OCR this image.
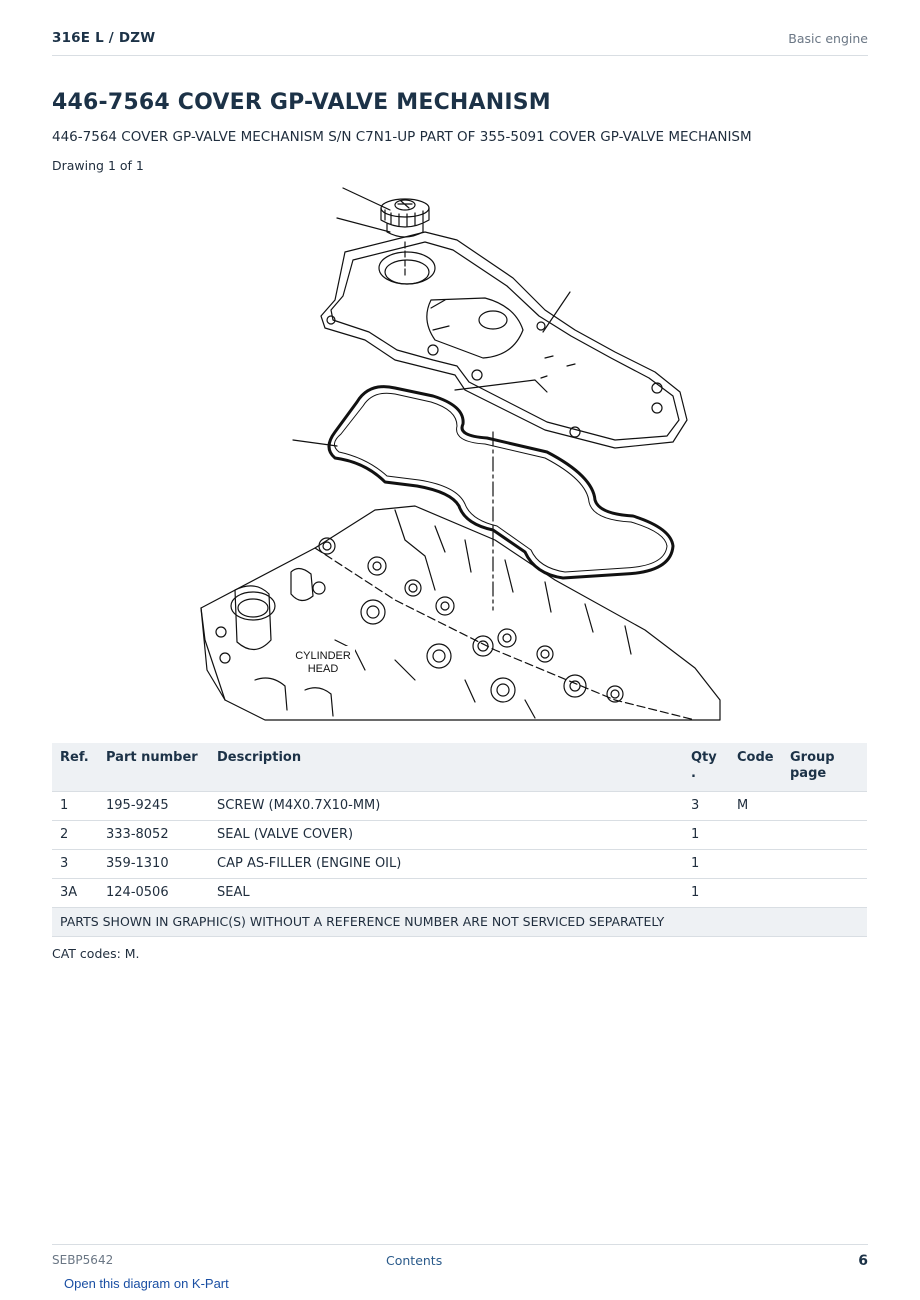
316E L / DZW	Basic engine
446-7564 COVER GP-VALVE MECHANISM
446-7564 COVER GP-VALVE MECHANISM S/N C7N1-UP PART OF 355-5091 COVER GP-VALVE MECHANISM
Drawing 1 of 1
CYLINDER
HEAD
Ref.	Part number	Description	Qty .	Code	Group page
1	195-9245	SCREW (M4X0.7X10-MM)	3	M	
2	333-8052	SEAL (VALVE COVER)	1		
3	359-1310	CAP AS-FILLER (ENGINE OIL)	1		
3A	124-0506	SEAL	1		
PARTS SHOWN IN GRAPHIC(S) WITHOUT A REFERENCE NUMBER ARE NOT SERVICED SEPARATELY					
CAT codes: M.
SEBP5642	Contents	6
Open this diagram on K-Part
